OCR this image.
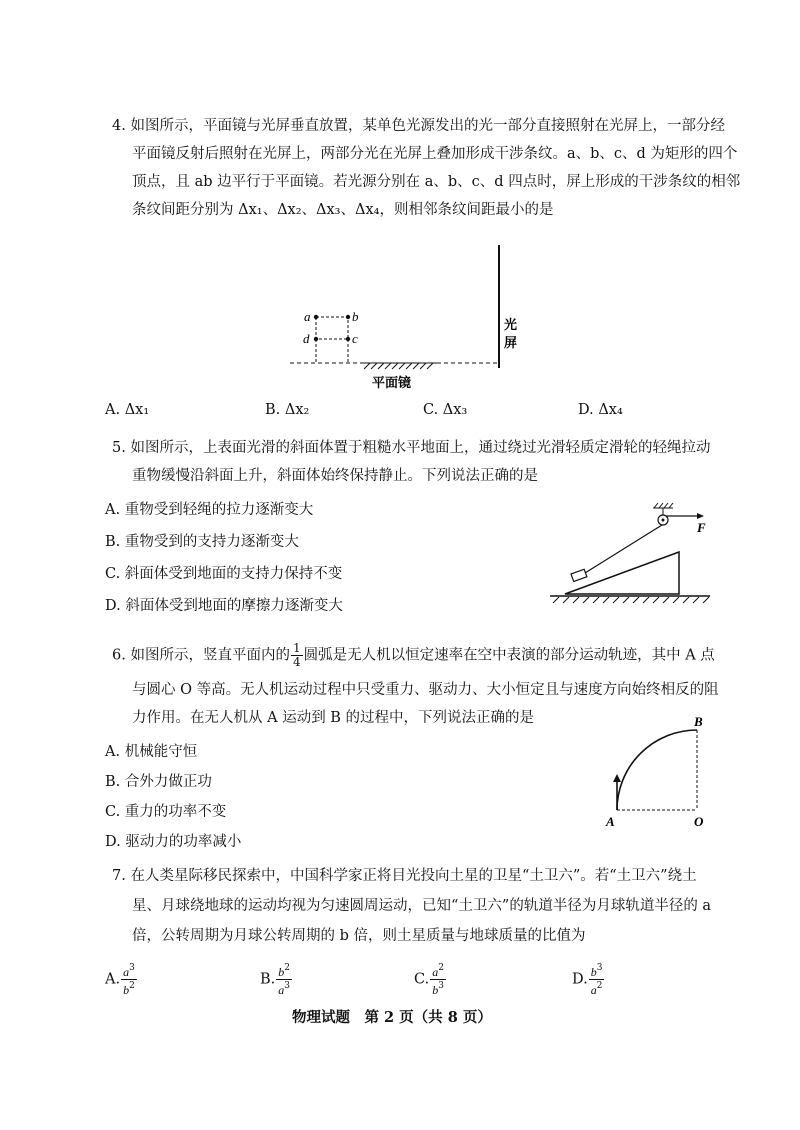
4. 如图所示，平面镜与光屏垂直放置，某单色光源发出的光一部分直接照射在光屏上，一部分经
平面镜反射后照射在光屏上，两部分光在光屏上叠加形成干涉条纹。a、b、c、d 为矩形的四个
顶点，且 ab 边平行于平面镜。若光源分别在 a、b、c、d 四点时，屏上形成的干涉条纹的相邻
条纹间距分别为 Δx₁、Δx₂、Δx₃、Δx₄，则相邻条纹间距最小的是
a	b
c
d
光
屏
平面镜
A. Δx₁	B. Δx₂	C. Δx₃	D. Δx₄
5. 如图所示，上表面光滑的斜面体置于粗糙水平地面上，通过绕过光滑轻质定滑轮的轻绳拉动
重物缓慢沿斜面上升，斜面体始终保持静止。下列说法正确的是
A. 重物受到轻绳的拉力逐渐变大
B. 重物受到的支持力逐渐变大
C. 斜面体受到地面的支持力保持不变
D. 斜面体受到地面的摩擦力逐渐变大
F
6. 如图所示，竖直平面内的 $\frac{1}{4}$ 圆弧是无人机以恒定速率在空中表演的部分运动轨迹，其中 A 点
与圆心 O 等高。无人机运动过程中只受重力、驱动力、大小恒定且与速度方向始终相反的阻
力作用。在无人机从 A 运动到 B 的过程中，下列说法正确的是
A. 机械能守恒
B. 合外力做正功
C. 重力的功率不变
D. 驱动力的功率减小
A
B
O
7. 在人类星际移民探索中，中国科学家正将目光投向土星的卫星“土卫六”。若“土卫六”绕土
星、月球绕地球的运动均视为匀速圆周运动，已知“土卫六”的轨道半径为月球轨道半径的 a
倍，公转周期为月球公转周期的 b 倍，则土星质量与地球质量的比值为
A. $\frac{a^3}{b^2}$	B. $\frac{b^2}{a^3}$	C. $\frac{a^2}{b^3}$	D. $\frac{b^3}{a^2}$
物理试题　第 2 页（共 8 页）
